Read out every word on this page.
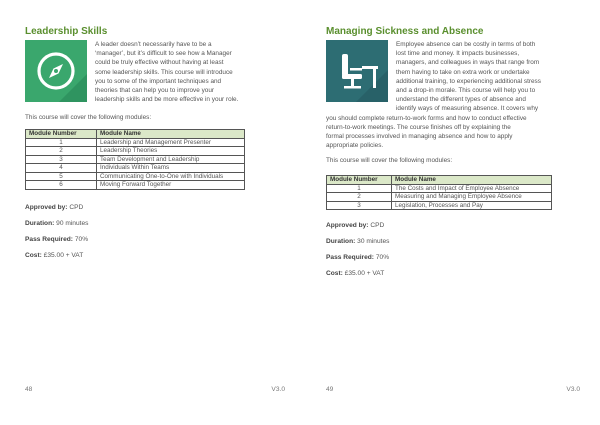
Leadership Skills
A leader doesn’t necessarily have to be a
‘manager’, but it’s difficult to see how a Manager
could be truly effective without having at least
some leadership skills. This course will introduce
you to some of the important techniques and
theories that can help you to improve your
leadership skills and be more effective in your role.
This course will cover the following modules:
Module Number	Module Name
1	Leadership and Management Presenter
2	Leadership Theories
3	Team Development and Leadership
4	Individuals Within Teams
5	Communicating One-to-One with Individuals
6	Moving Forward Together
Approved by: CPD
Duration: 90 minutes
Pass Required: 70%
Cost: £35.00 + VAT
48	V3.0
Managing Sickness and Absence
Employee absence can be costly in terms of both
lost time and money. It impacts businesses,
managers, and colleagues in ways that range from
them having to take on extra work or undertake
additional training, to experiencing additional stress
and a drop-in morale. This course will help you to
understand the different types of absence and
identify ways of measuring absence. It covers why
you should complete return-to-work forms and how to conduct effective
return-to-work meetings. The course finishes off by explaining the
formal processes involved in managing absence and how to apply
appropriate policies.
This course will cover the following modules:
Module Number	Module Name
1	The Costs and Impact of Employee Absence
2	Measuring and Managing Employee Absence
3	Legislation, Processes and Pay
Approved by: CPD
Duration: 30 minutes
Pass Required: 70%
Cost: £35.00 + VAT
49	V3.0
